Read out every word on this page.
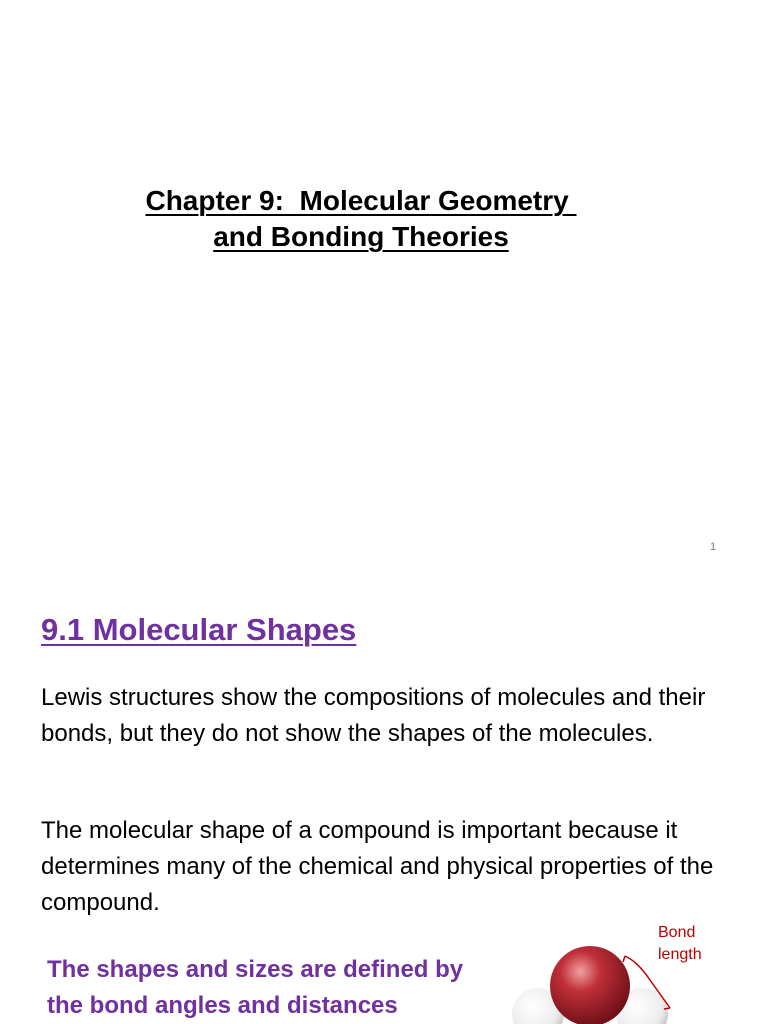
Chapter 9:  Molecular Geometry
and Bonding Theories
1
9.1 Molecular Shapes
Lewis structures show the compositions of molecules and their bonds, but they do not show the shapes of the molecules.
The molecular shape of a compound is important because it determines many of the chemical and physical properties of the compound.
The shapes and sizes are defined by the bond angles and distances
Bond
length
